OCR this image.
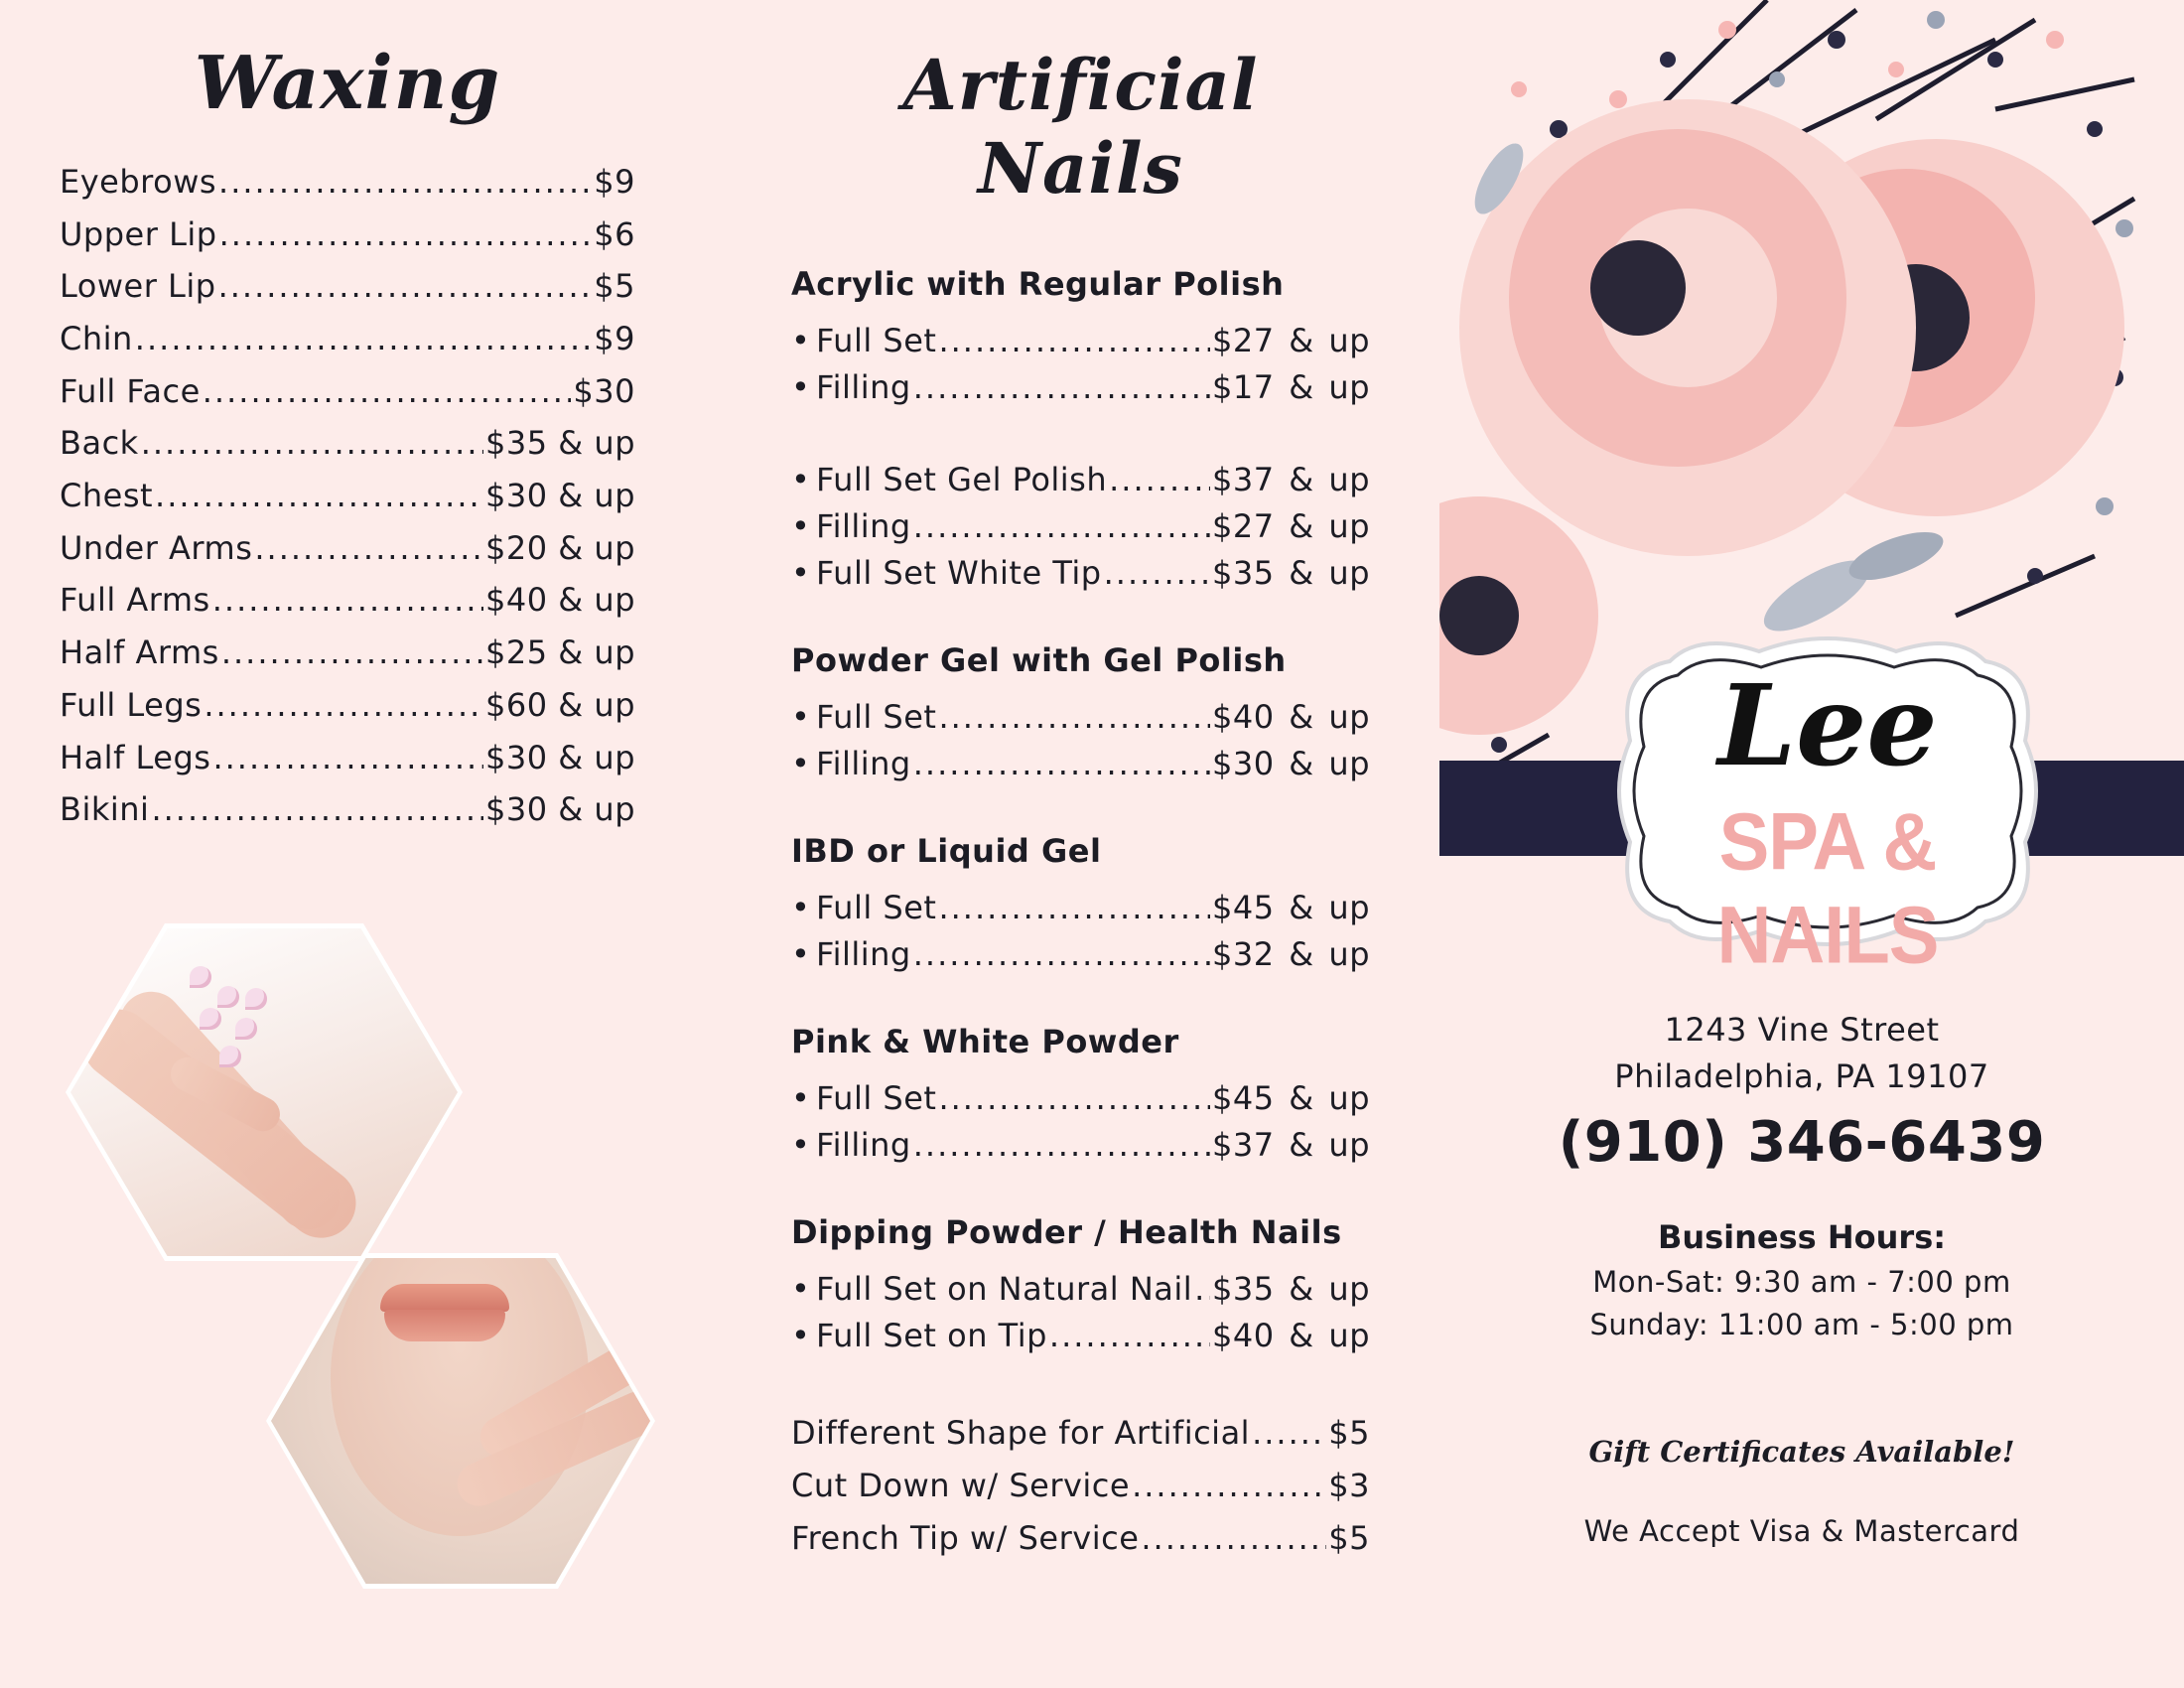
Waxing
Eyebrows .....	$9
Upper Lip .....	$6
Lower Lip .....	$5
Chin .....	$9
Full Face .....	$30
Back .....	$35 & up
Chest .....	$30 & up
Under Arms .....	$20 & up
Full Arms .....	$40 & up
Half Arms .....	$25 & up
Full Legs .....	$60 & up
Half Legs .....	$30 & up
Bikini .....	$30 & up
Artificial Nails
Acrylic with Regular Polish
• Full Set .....	$27 & up
• Filling .....	$17 & up
• Full Set Gel Polish .....	$37 & up
• Filling .....	$27 & up
• Full Set White Tip .....	$35 & up
Powder Gel with Gel Polish
• Full Set .....	$40 & up
• Filling .....	$30 & up
IBD or Liquid Gel
• Full Set .....	$45 & up
• Filling .....	$32 & up
Pink & White Powder
• Full Set .....	$45 & up
• Filling .....	$37 & up
Dipping Powder / Health Nails
• Full Set on Natural Nail ..... $35 & up
• Full Set on Tip .....	$40 & up
Different Shape for Artificial ..... $5
Cut Down w/ Service .....	$3
French Tip w/ Service .....	$5
Lee
SPA & NAILS
1243 Vine Street
Philadelphia, PA 19107
(910) 346-6439
Business Hours:
Mon-Sat: 9:30 am - 7:00 pm
Sunday: 11:00 am - 5:00 pm
Gift Certificates Available!
We Accept Visa & Mastercard
